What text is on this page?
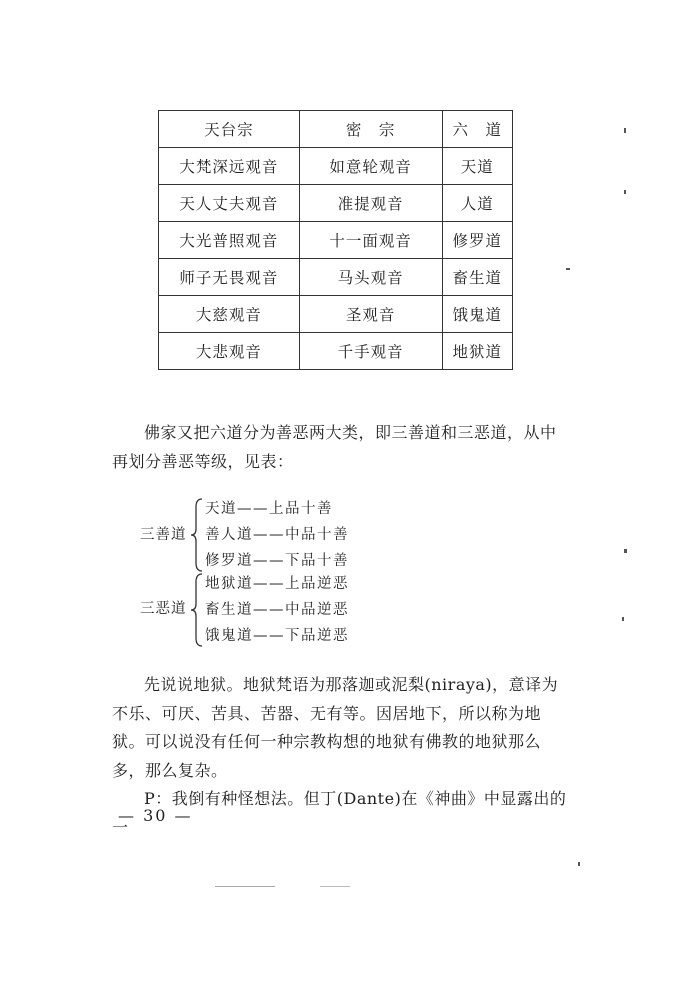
天台宗	密　宗	六　道
大梵深远观音	如意轮观音	天道
天人丈夫观音	准提观音	人道
大光普照观音	十一面观音	修罗道
师子无畏观音	马头观音	畜生道
大慈观音	圣观音	饿鬼道
大悲观音	千手观音	地狱道

佛家又把六道分为善恶两大类，即三善道和三恶道，从中再划分善恶等级，见表：

三善道
天道——上品十善
善人道——中品十善
修罗道——下品十善
三恶道
地狱道——上品逆恶
畜生道——中品逆恶
饿鬼道——下品逆恶

先说说地狱。地狱梵语为那落迦或泥梨(niraya)，意译为不乐、可厌、苦具、苦器、无有等。因居地下，所以称为地狱。可以说没有任何一种宗教构想的地狱有佛教的地狱那么多，那么复杂。

P：我倒有种怪想法。但丁(Dante)在《神曲》中显露出的一

— 30 —
